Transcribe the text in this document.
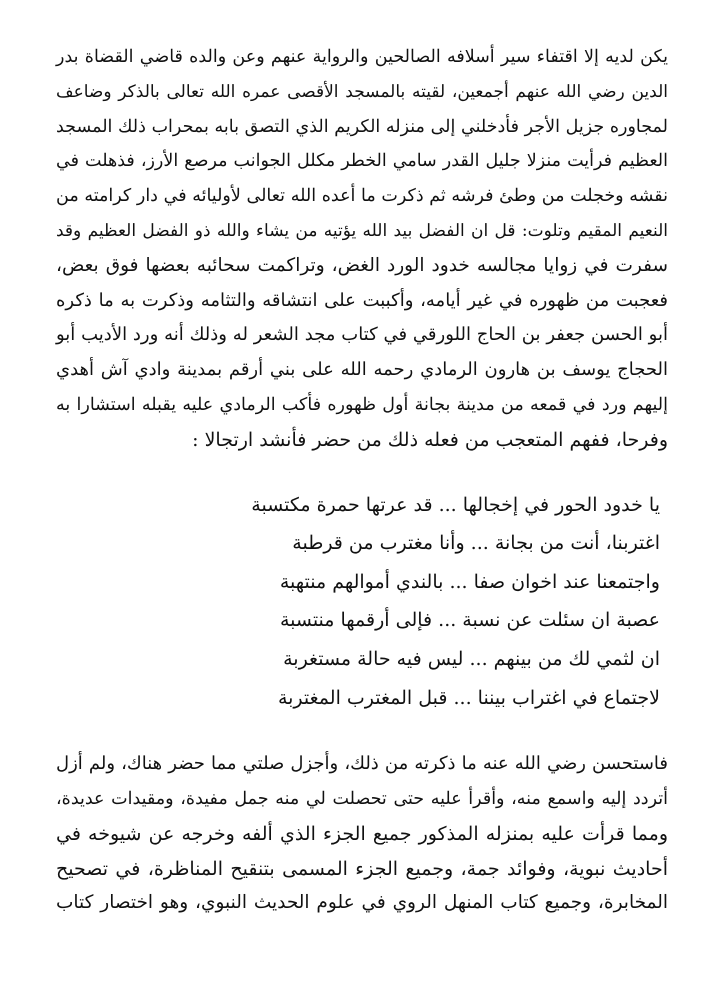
يكن لديه إلا اقتفاء سير أسلافه الصالحين والرواية عنهم وعن والده قاضي القضاة بدر
الدين رضي الله عنهم أجمعين، لقيته بالمسجد الأقصى عمره الله تعالى بالذكر وضاعف
لمجاوره جزيل الأجر فأدخلني إلى منزله الكريم الذي التصق بابه بمحراب ذلك المسجد
العظيم فرأيت منزلا جليل القدر سامي الخطر مكلل الجوانب مرصع الأرز، فذهلت في
نقشه وخجلت من وطئ فرشه ثم ذكرت ما أعده الله تعالى لأوليائه في دار كرامته من
النعيم المقيم وتلوت: قل ان الفضل بيد الله يؤتيه من يشاء والله ذو الفضل العظيم وقد
سفرت في زوايا مجالسه خدود الورد الغض، وتراكمت سحائبه بعضها فوق بعض،
فعجبت من ظهوره في غير أيامه، وأكببت على انتشاقه والتثامه وذكرت به ما ذكره
أبو الحسن جعفر بن الحاج اللورقي في كتاب مجد الشعر له وذلك أنه ورد الأديب أبو
الحجاج يوسف بن هارون الرمادي رحمه الله على بني أرقم بمدينة وادي آش أهدي
إليهم ورد في قمعه من مدينة بجانة أول ظهوره فأكب الرمادي عليه يقبله استشارا به
وفرحا، ففهم المتعجب من فعله ذلك من حضر فأنشد ارتجالا :
يا خدود الحور في إخجالها ... قد عرتها حمرة مكتسبة
اغتربنا، أنت من بجانة ... وأنا مغترب من قرطبة
واجتمعنا عند اخوان صفا ... بالندي أموالهم منتهبة
عصبة ان سئلت عن نسبة ... فإلى أرقمها منتسبة
ان لثمي لك من بينهم ... ليس فيه حالة مستغربة
لاجتماع في اغتراب بيننا ... قبل المغترب المغتربة
فاستحسن رضي الله عنه ما ذكرته من ذلك، وأجزل صلتي مما حضر هناك، ولم أزل
أتردد إليه واسمع منه، وأقرأ عليه حتى تحصلت لي منه جمل مفيدة، ومقيدات عديدة،
ومما قرأت عليه بمنزله المذكور جميع الجزء الذي ألفه وخرجه عن شيوخه في
أحاديث نبوية، وفوائد جمة، وجميع الجزء المسمى بتنقيح المناظرة، في تصحيح
المخابرة، وجميع كتاب المنهل الروي في علوم الحديث النبوي، وهو اختصار كتاب
